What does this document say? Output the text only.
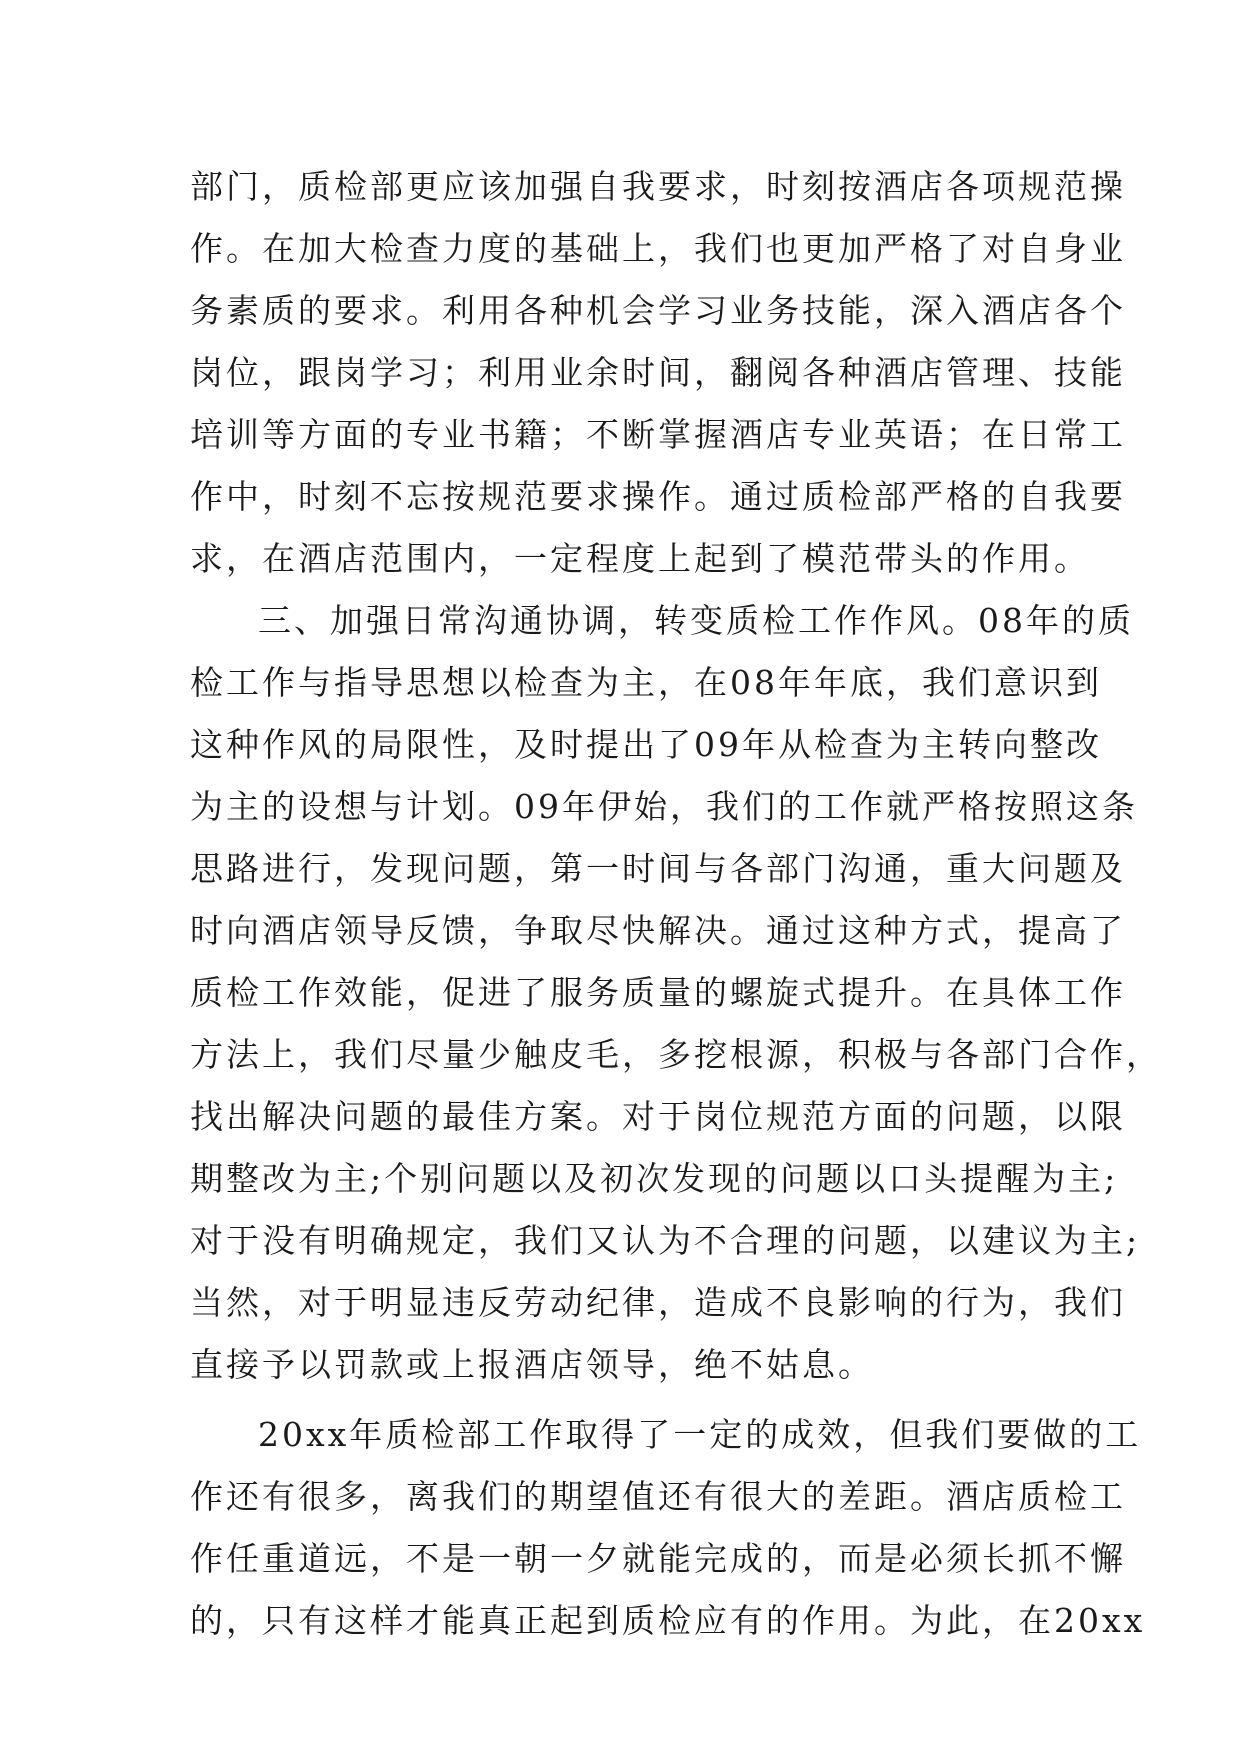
部门，质检部更应该加强自我要求，时刻按酒店各项规范操
作。在加大检查力度的基础上，我们也更加严格了对自身业
务素质的要求。利用各种机会学习业务技能，深入酒店各个
岗位，跟岗学习；利用业余时间，翻阅各种酒店管理、技能
培训等方面的专业书籍；不断掌握酒店专业英语；在日常工
作中，时刻不忘按规范要求操作。通过质检部严格的自我要
求，在酒店范围内，一定程度上起到了模范带头的作用。
三、加强日常沟通协调，转变质检工作作风。08年的质
检工作与指导思想以检查为主，在08年年底，我们意识到
这种作风的局限性，及时提出了09年从检查为主转向整改
为主的设想与计划。09年伊始，我们的工作就严格按照这条
思路进行，发现问题，第一时间与各部门沟通，重大问题及
时向酒店领导反馈，争取尽快解决。通过这种方式，提高了
质检工作效能，促进了服务质量的螺旋式提升。在具体工作
方法上，我们尽量少触皮毛，多挖根源，积极与各部门合作，
找出解决问题的最佳方案。对于岗位规范方面的问题，以限
期整改为主;个别问题以及初次发现的问题以口头提醒为主;
对于没有明确规定，我们又认为不合理的问题，以建议为主;
当然，对于明显违反劳动纪律，造成不良影响的行为，我们
直接予以罚款或上报酒店领导，绝不姑息。
20xx年质检部工作取得了一定的成效，但我们要做的工
作还有很多，离我们的期望值还有很大的差距。酒店质检工
作任重道远，不是一朝一夕就能完成的，而是必须长抓不懈
的，只有这样才能真正起到质检应有的作用。为此，在20xx
